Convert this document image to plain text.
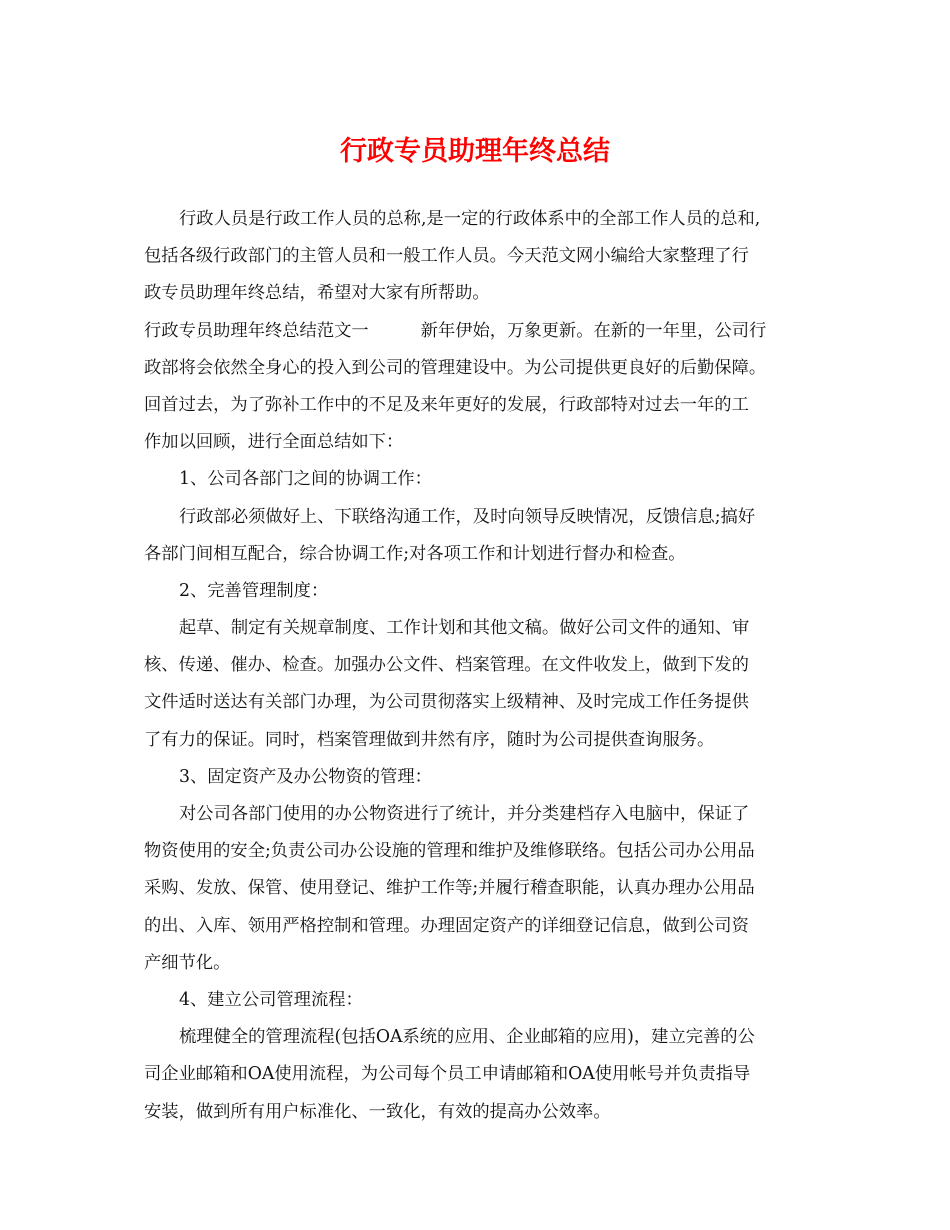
行政专员助理年终总结
行政人员是行政工作人员的总称,是一定的行政体系中的全部工作人员的总和,
包括各级行政部门的主管人员和一般工作人员。今天范文网小编给大家整理了行
政专员助理年终总结，希望对大家有所帮助。
行政专员助理年终总结范文一	新年伊始，万象更新。在新的一年里，公司行
政部将会依然全身心的投入到公司的管理建设中。为公司提供更良好的后勤保障。
回首过去，为了弥补工作中的不足及来年更好的发展，行政部特对过去一年的工
作加以回顾，进行全面总结如下：
1、公司各部门之间的协调工作：
行政部必须做好上、下联络沟通工作，及时向领导反映情况，反馈信息;搞好
各部门间相互配合，综合协调工作;对各项工作和计划进行督办和检查。
2、完善管理制度：
起草、制定有关规章制度、工作计划和其他文稿。做好公司文件的通知、审
核、传递、催办、检查。加强办公文件、档案管理。在文件收发上，做到下发的
文件适时送达有关部门办理，为公司贯彻落实上级精神、及时完成工作任务提供
了有力的保证。同时，档案管理做到井然有序，随时为公司提供查询服务。
3、固定资产及办公物资的管理：
对公司各部门使用的办公物资进行了统计，并分类建档存入电脑中，保证了
物资使用的安全;负责公司办公设施的管理和维护及维修联络。包括公司办公用品
采购、发放、保管、使用登记、维护工作等;并履行稽查职能，认真办理办公用品
的出、入库、领用严格控制和管理。办理固定资产的详细登记信息，做到公司资
产细节化。
4、建立公司管理流程：
梳理健全的管理流程(包括OA系统的应用、企业邮箱的应用)，建立完善的公
司企业邮箱和OA使用流程，为公司每个员工申请邮箱和OA使用帐号并负责指导
安装，做到所有用户标准化、一致化，有效的提高办公效率。
